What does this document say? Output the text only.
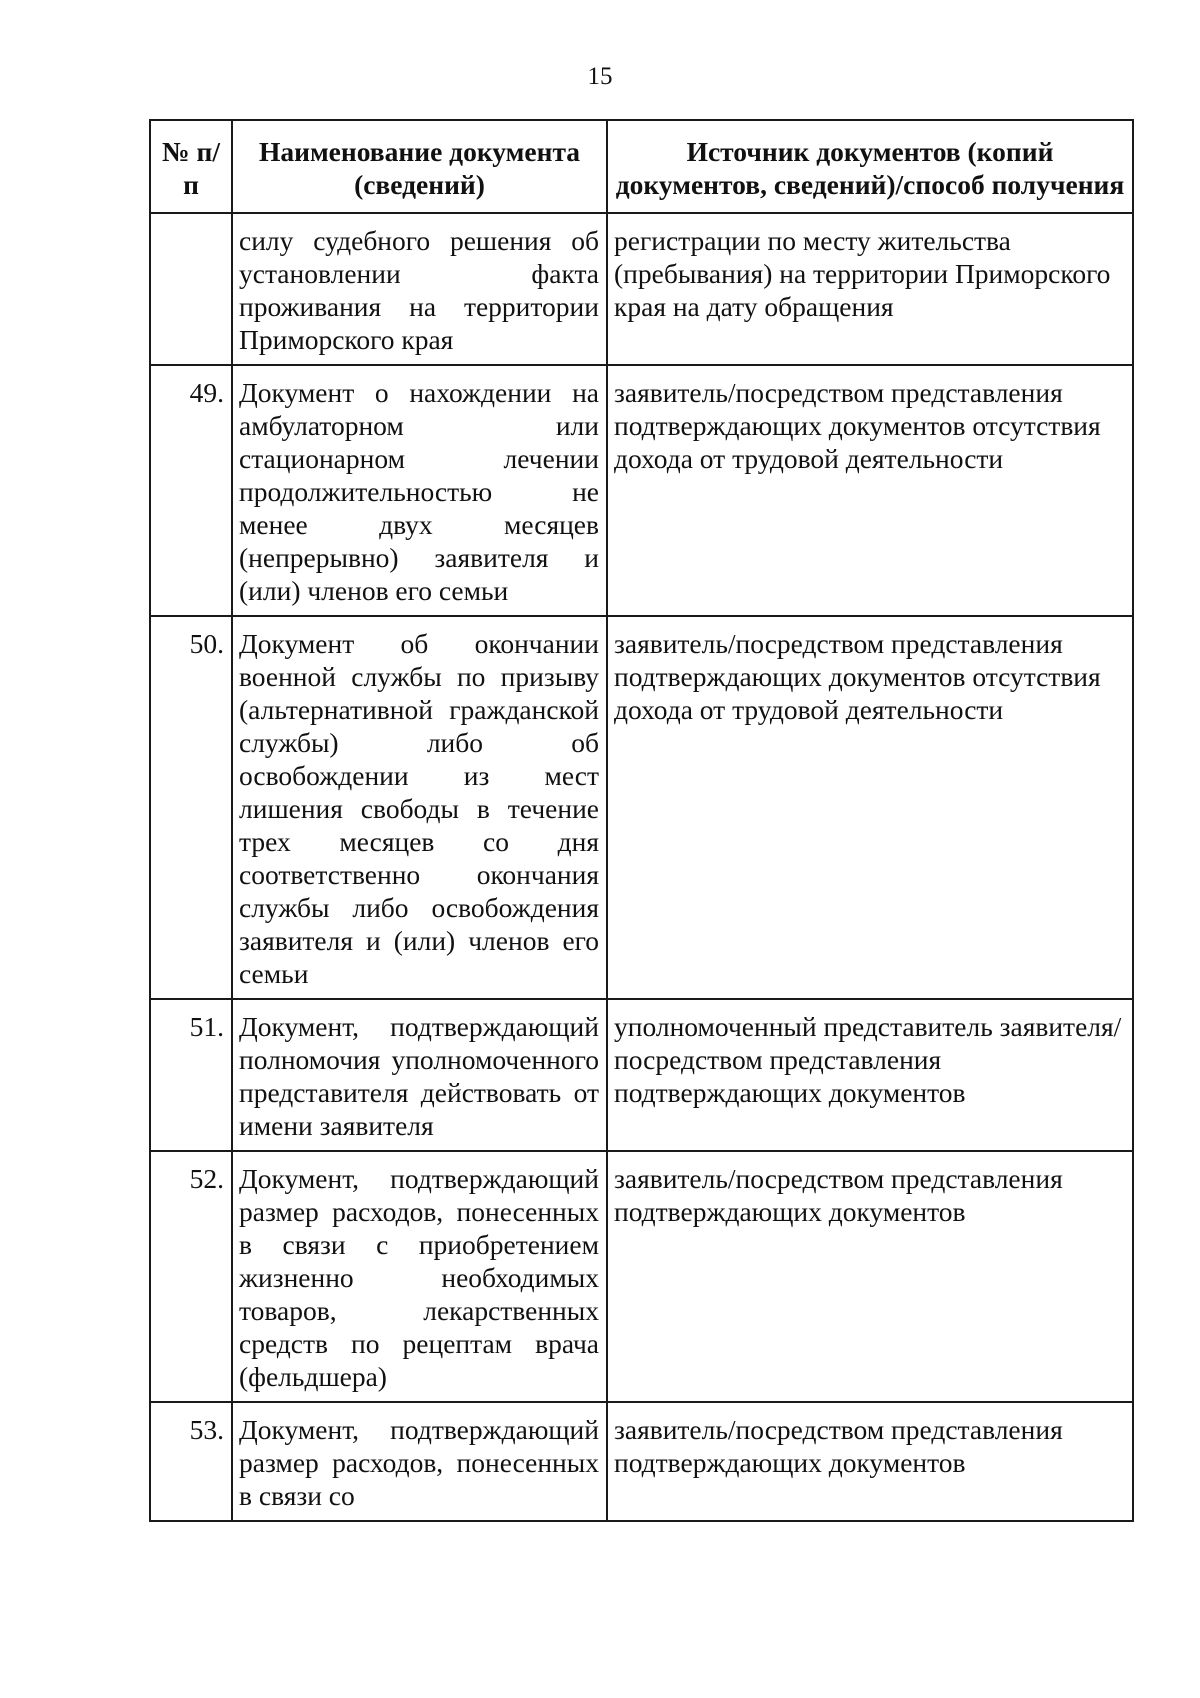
15
№ п/п	Наименование документа (сведений)	Источник документов (копий документов, сведений)/способ получения
	силу судебного решения об установлении факта проживания на территории Приморского края	регистрации по месту жительства (пребывания) на территории Приморского края на дату обращения
49.	Документ о нахождении на амбулаторном или стационарном лечении продолжительностью не менее двух месяцев (непрерывно) заявителя и (или) членов его семьи	заявитель/посредством представления подтверждающих документов отсутствия дохода от трудовой деятельности
50.	Документ об окончании военной службы по призыву (альтернативной гражданской службы) либо об освобождении из мест лишения свободы в течение трех месяцев со дня соответственно окончания службы либо освобождения заявителя и (или) членов его семьи	заявитель/посредством представления подтверждающих документов отсутствия дохода от трудовой деятельности
51.	Документ, подтверждающий полномочия уполномоченного представителя действовать от имени заявителя	уполномоченный представитель заявителя/посредством представления подтверждающих документов
52.	Документ, подтверждающий размер расходов, понесенных в связи с приобретением жизненно необходимых товаров, лекарственных средств по рецептам врача (фельдшера)	заявитель/посредством представления подтверждающих документов
53.	Документ, подтверждающий размер расходов, понесенных в связи со	заявитель/посредством представления подтверждающих документов
